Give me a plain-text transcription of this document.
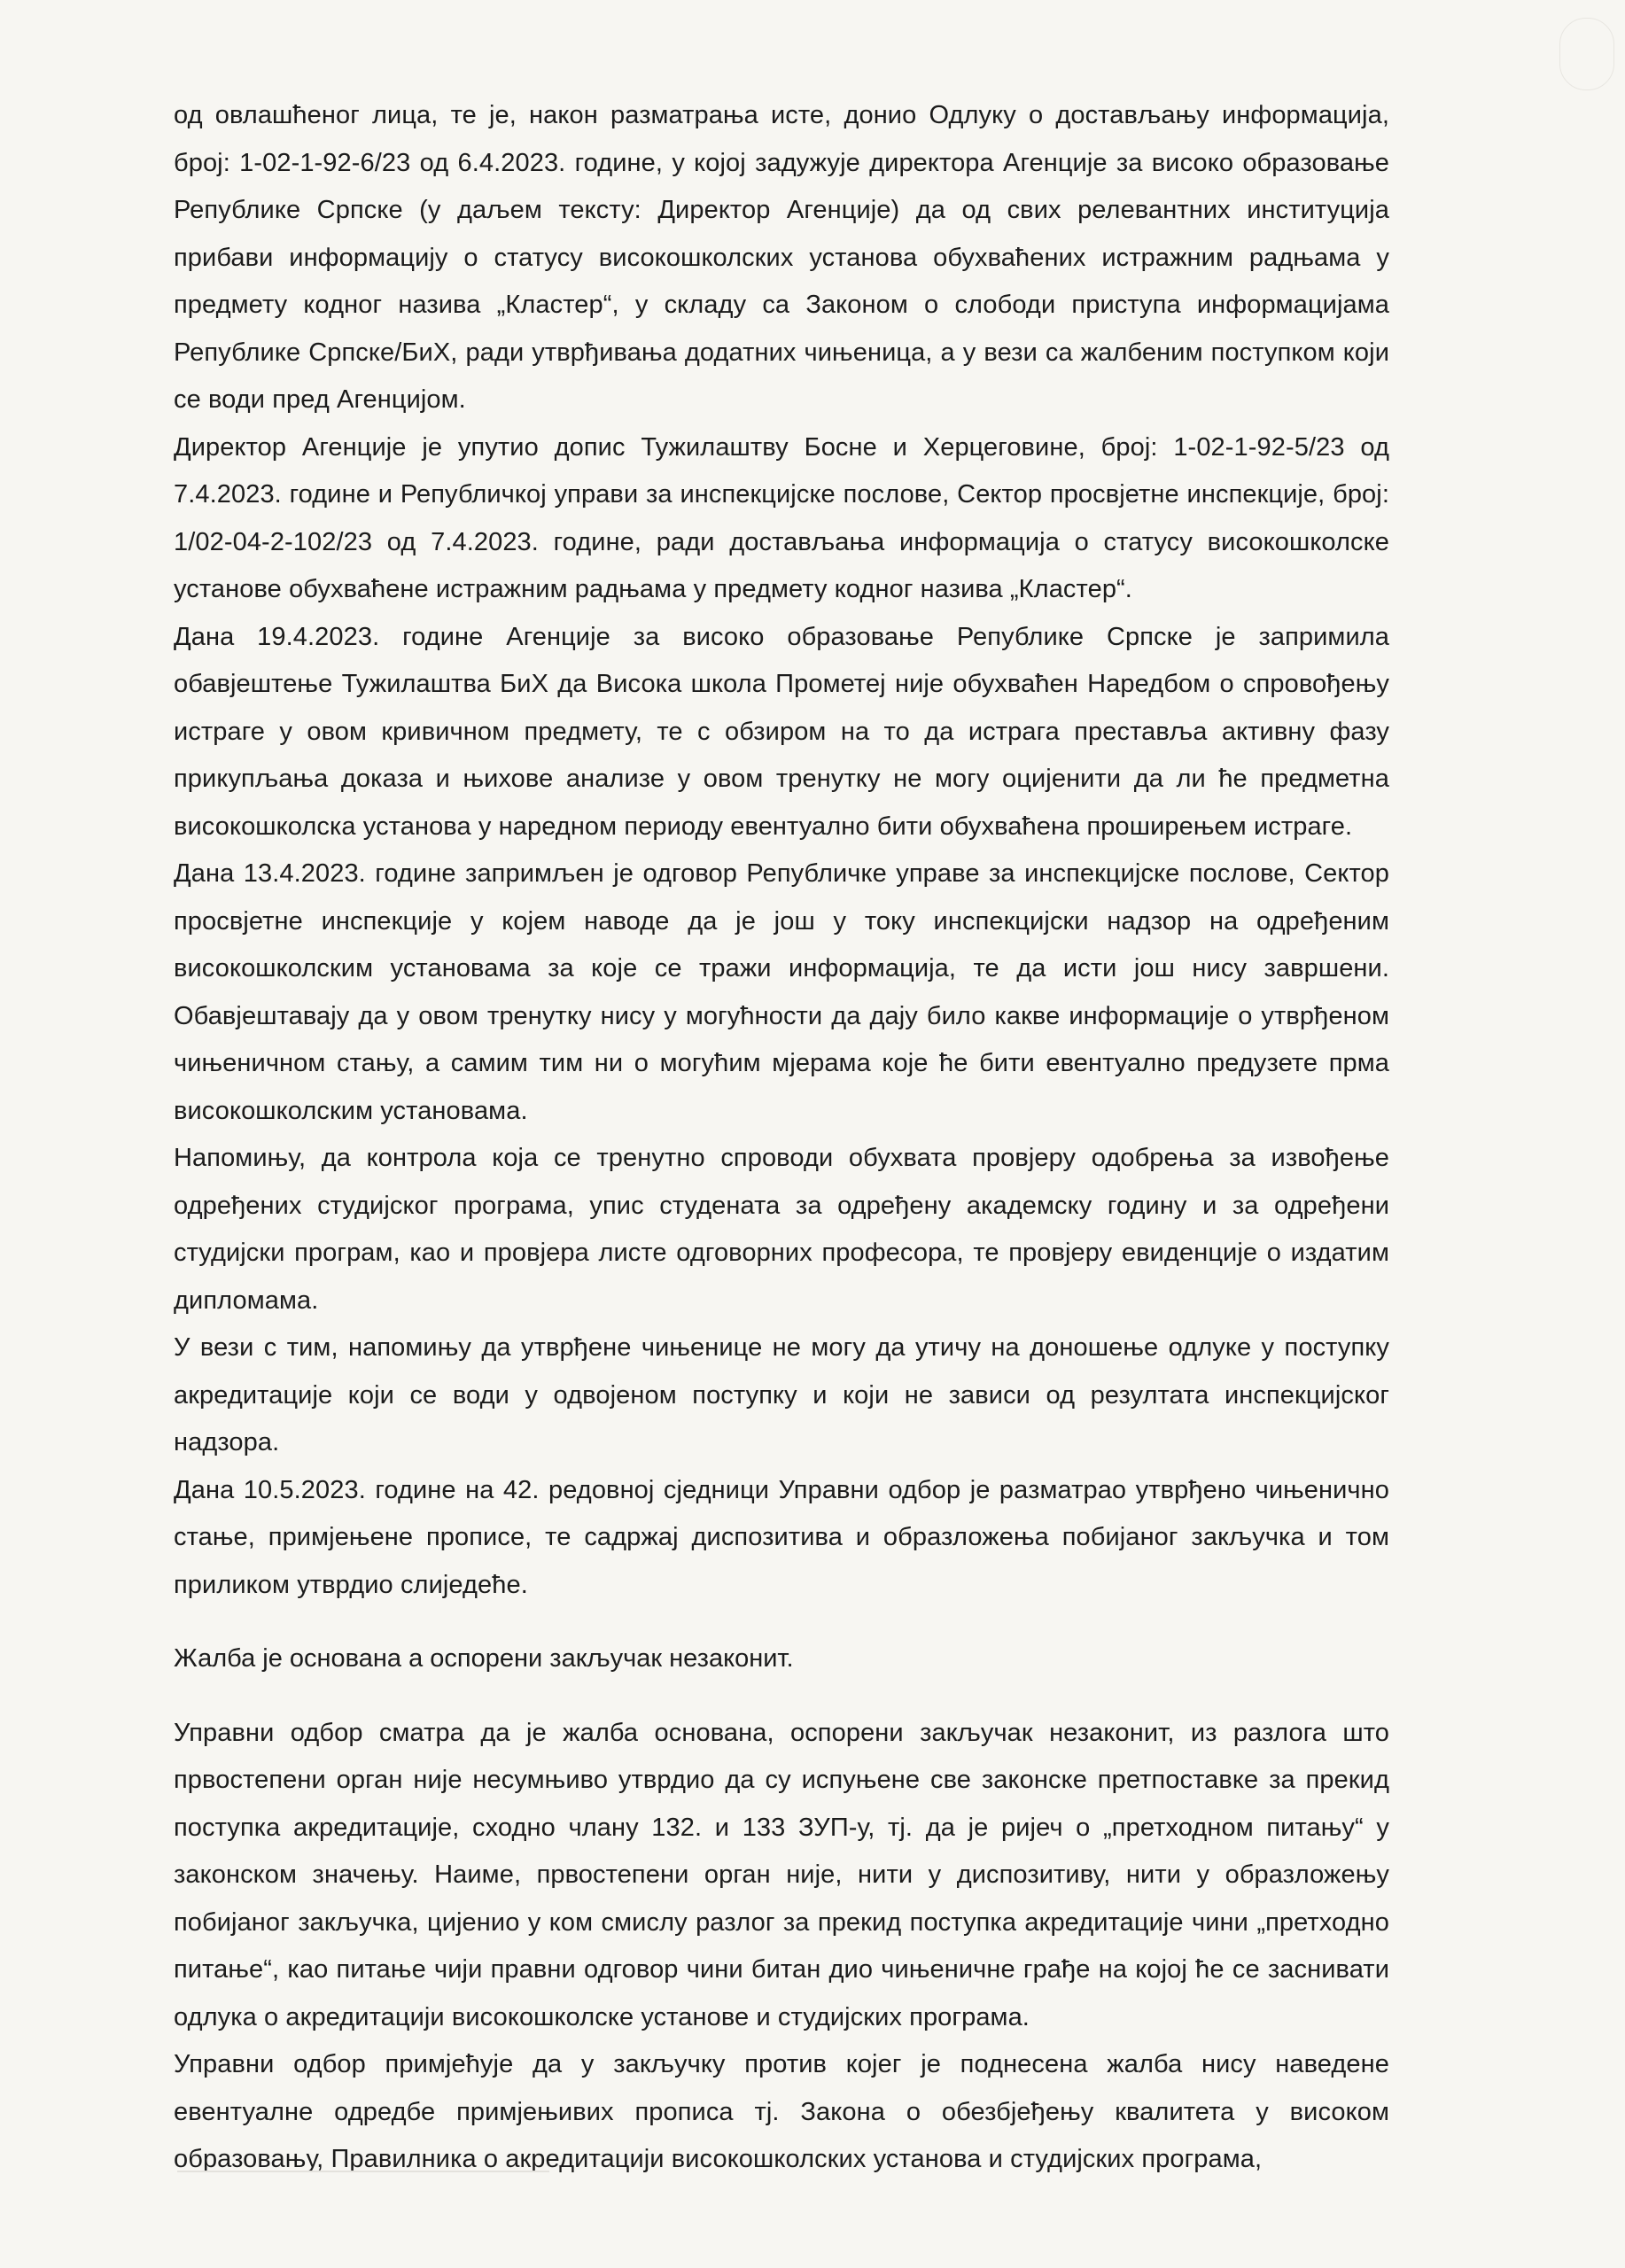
од овлашћеног лица, те је, након разматрања исте, донио Одлуку о достављању информација, број: 1-02-1-92-6/23 од 6.4.2023. године, у којој задужује директора Агенције за високо образовање Републике Српске (у даљем тексту: Директор Агенције) да од свих релевантних институција прибави информацију о статусу високошколских установа обухваћених истражним радњама у предмету кодног назива „Кластер“, у складу са Законом о слободи приступа информацијама Републике Српске/БиХ, ради утврђивања додатних чињеница, а у вези са жалбеним поступком који се води пред Агенцијом.

Директор Агенције је упутио допис Тужилаштву Босне и Херцеговине, број: 1-02-1-92-5/23 од 7.4.2023. године и Републичкој управи за инспекцијске послове, Сектор просвјетне инспекције, број: 1/02-04-2-102/23 од 7.4.2023. године, ради достављања информација о статусу високошколске установе обухваћене истражним радњама у предмету кодног назива „Кластер“.

Дана 19.4.2023. године Агенције за високо образовање Републике Српске је запримила обавјештење Тужилаштва БиХ да Висока школа Прометеј није обухваћен Наредбом о спровођењу истраге у овом кривичном предмету, те с обзиром на то да истрага преставља активну фазу прикупљања доказа и њихове анализе у овом тренутку не могу оцијенити да ли ће предметна високошколска установа у наредном периоду евентуално бити обухваћена проширењем истраге.

Дана 13.4.2023. године запримљен је одговор Републичке управе за инспекцијске послове, Сектор просвјетне инспекције у којем наводе да је још у току инспекцијски надзор на одређеним високошколским установама за које се тражи информација, те да исти још нису завршени. Обавјештавају да у овом тренутку нису у могућности да дају било какве информације о утврђеном чињеничном стању, а самим тим ни о могућим мјерама које ће бити евентуално предузете прма високошколским установама.

Напомињу, да контрола која се тренутно спроводи обухвата провјеру одобрења за извођење одређених студијског програма, упис студената за одређену академску годину и за одређени студијски програм, као и провјера листе одговорних професора, те провјеру евиденције о издатим дипломама.

У вези с тим, напомињу да утврђене чињенице не могу да утичу на доношење одлуке у поступку акредитације који се води у одвојеном поступку и који не зависи од резултата инспекцијског надзора.

Дана 10.5.2023. године на 42. редовној сједници Управни одбор је разматрао утврђено чињенично стање, примјењене прописе, те садржај диспозитива и образложења побијаног закључка и том приликом утврдио слиједеће.

Жалба је основана а оспорени закључак незаконит.

Управни одбор сматра да је жалба основана, оспорени закључак незаконит, из разлога што првостепени орган није несумњиво утврдио да су испуњене све законске претпоставке за прекид поступка акредитације, сходно члану 132. и 133 ЗУП-у, тј. да је ријеч о „претходном питању“ у законском значењу. Наиме, првостепени орган није, нити у диспозитиву, нити у образложењу побијаног закључка, цијенио у ком смислу разлог за прекид поступка акредитације чини „претходно питање“, као питање чији правни одговор чини битан дио чињеничне грађе на којој ће се заснивати одлука о акредитацији високошколске установе и студијских програма.

Управни одбор примјећује да у закључку против којег је поднесена жалба нису наведене евентуалне одредбе примјењивих прописа тј. Закона о обезбјеђењу квалитета у високом образовању, Правилника о акредитацији високошколских установа и студијских програма,
